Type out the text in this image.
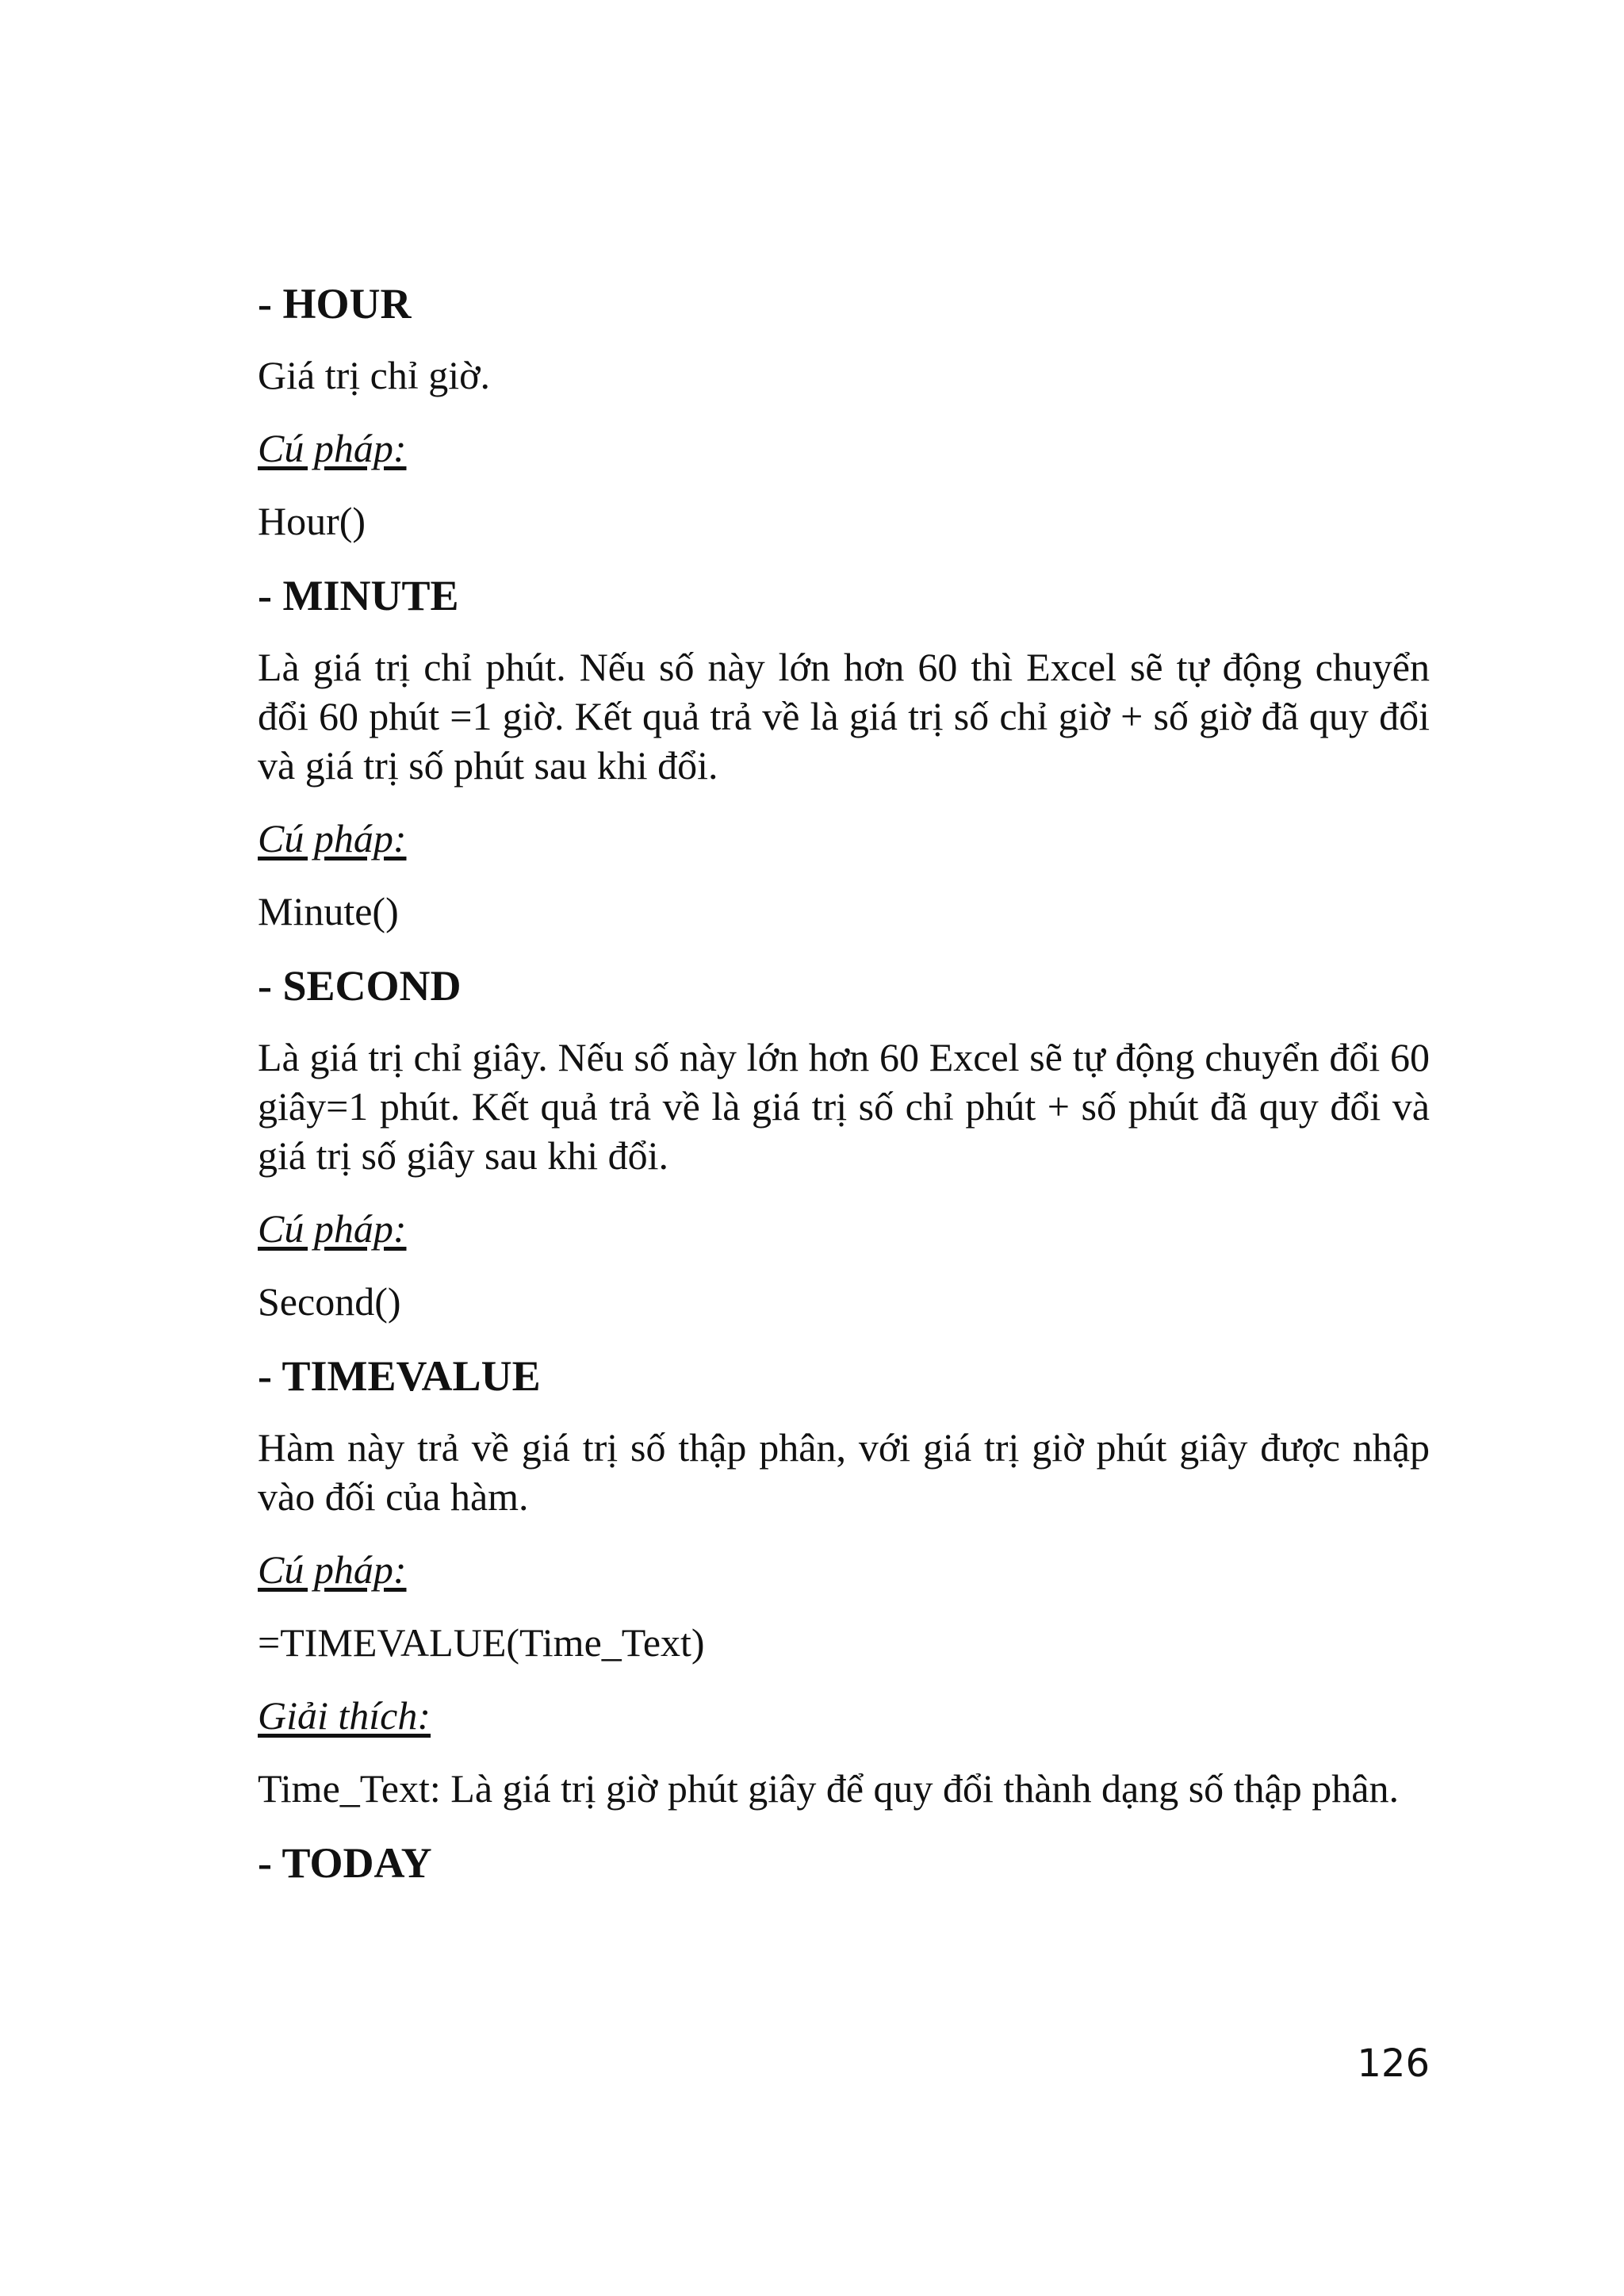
- HOUR
Giá trị chỉ giờ.
Cú pháp:
Hour()
- MINUTE
Là giá trị chỉ phút. Nếu số này lớn hơn 60 thì Excel sẽ tự động chuyển đổi 60 phút =1 giờ. Kết quả trả về là giá trị số chỉ giờ + số giờ đã quy đổi và giá trị số phút sau khi đổi.
Cú pháp:
Minute()
- SECOND
Là giá trị chỉ giây. Nếu số này lớn hơn 60 Excel sẽ tự động chuyển đổi 60 giây=1 phút. Kết quả trả về là giá trị số chỉ phút + số phút đã quy đổi và giá trị số giây sau khi đổi.
Cú pháp:
Second()
- TIMEVALUE
Hàm này trả về giá trị số thập phân, với giá trị giờ phút giây được nhập vào đối của hàm.
Cú pháp:
=TIMEVALUE(Time_Text)
Giải thích:
Time_Text: Là giá trị giờ phút giây để quy đổi thành dạng số thập phân.
- TODAY
126
